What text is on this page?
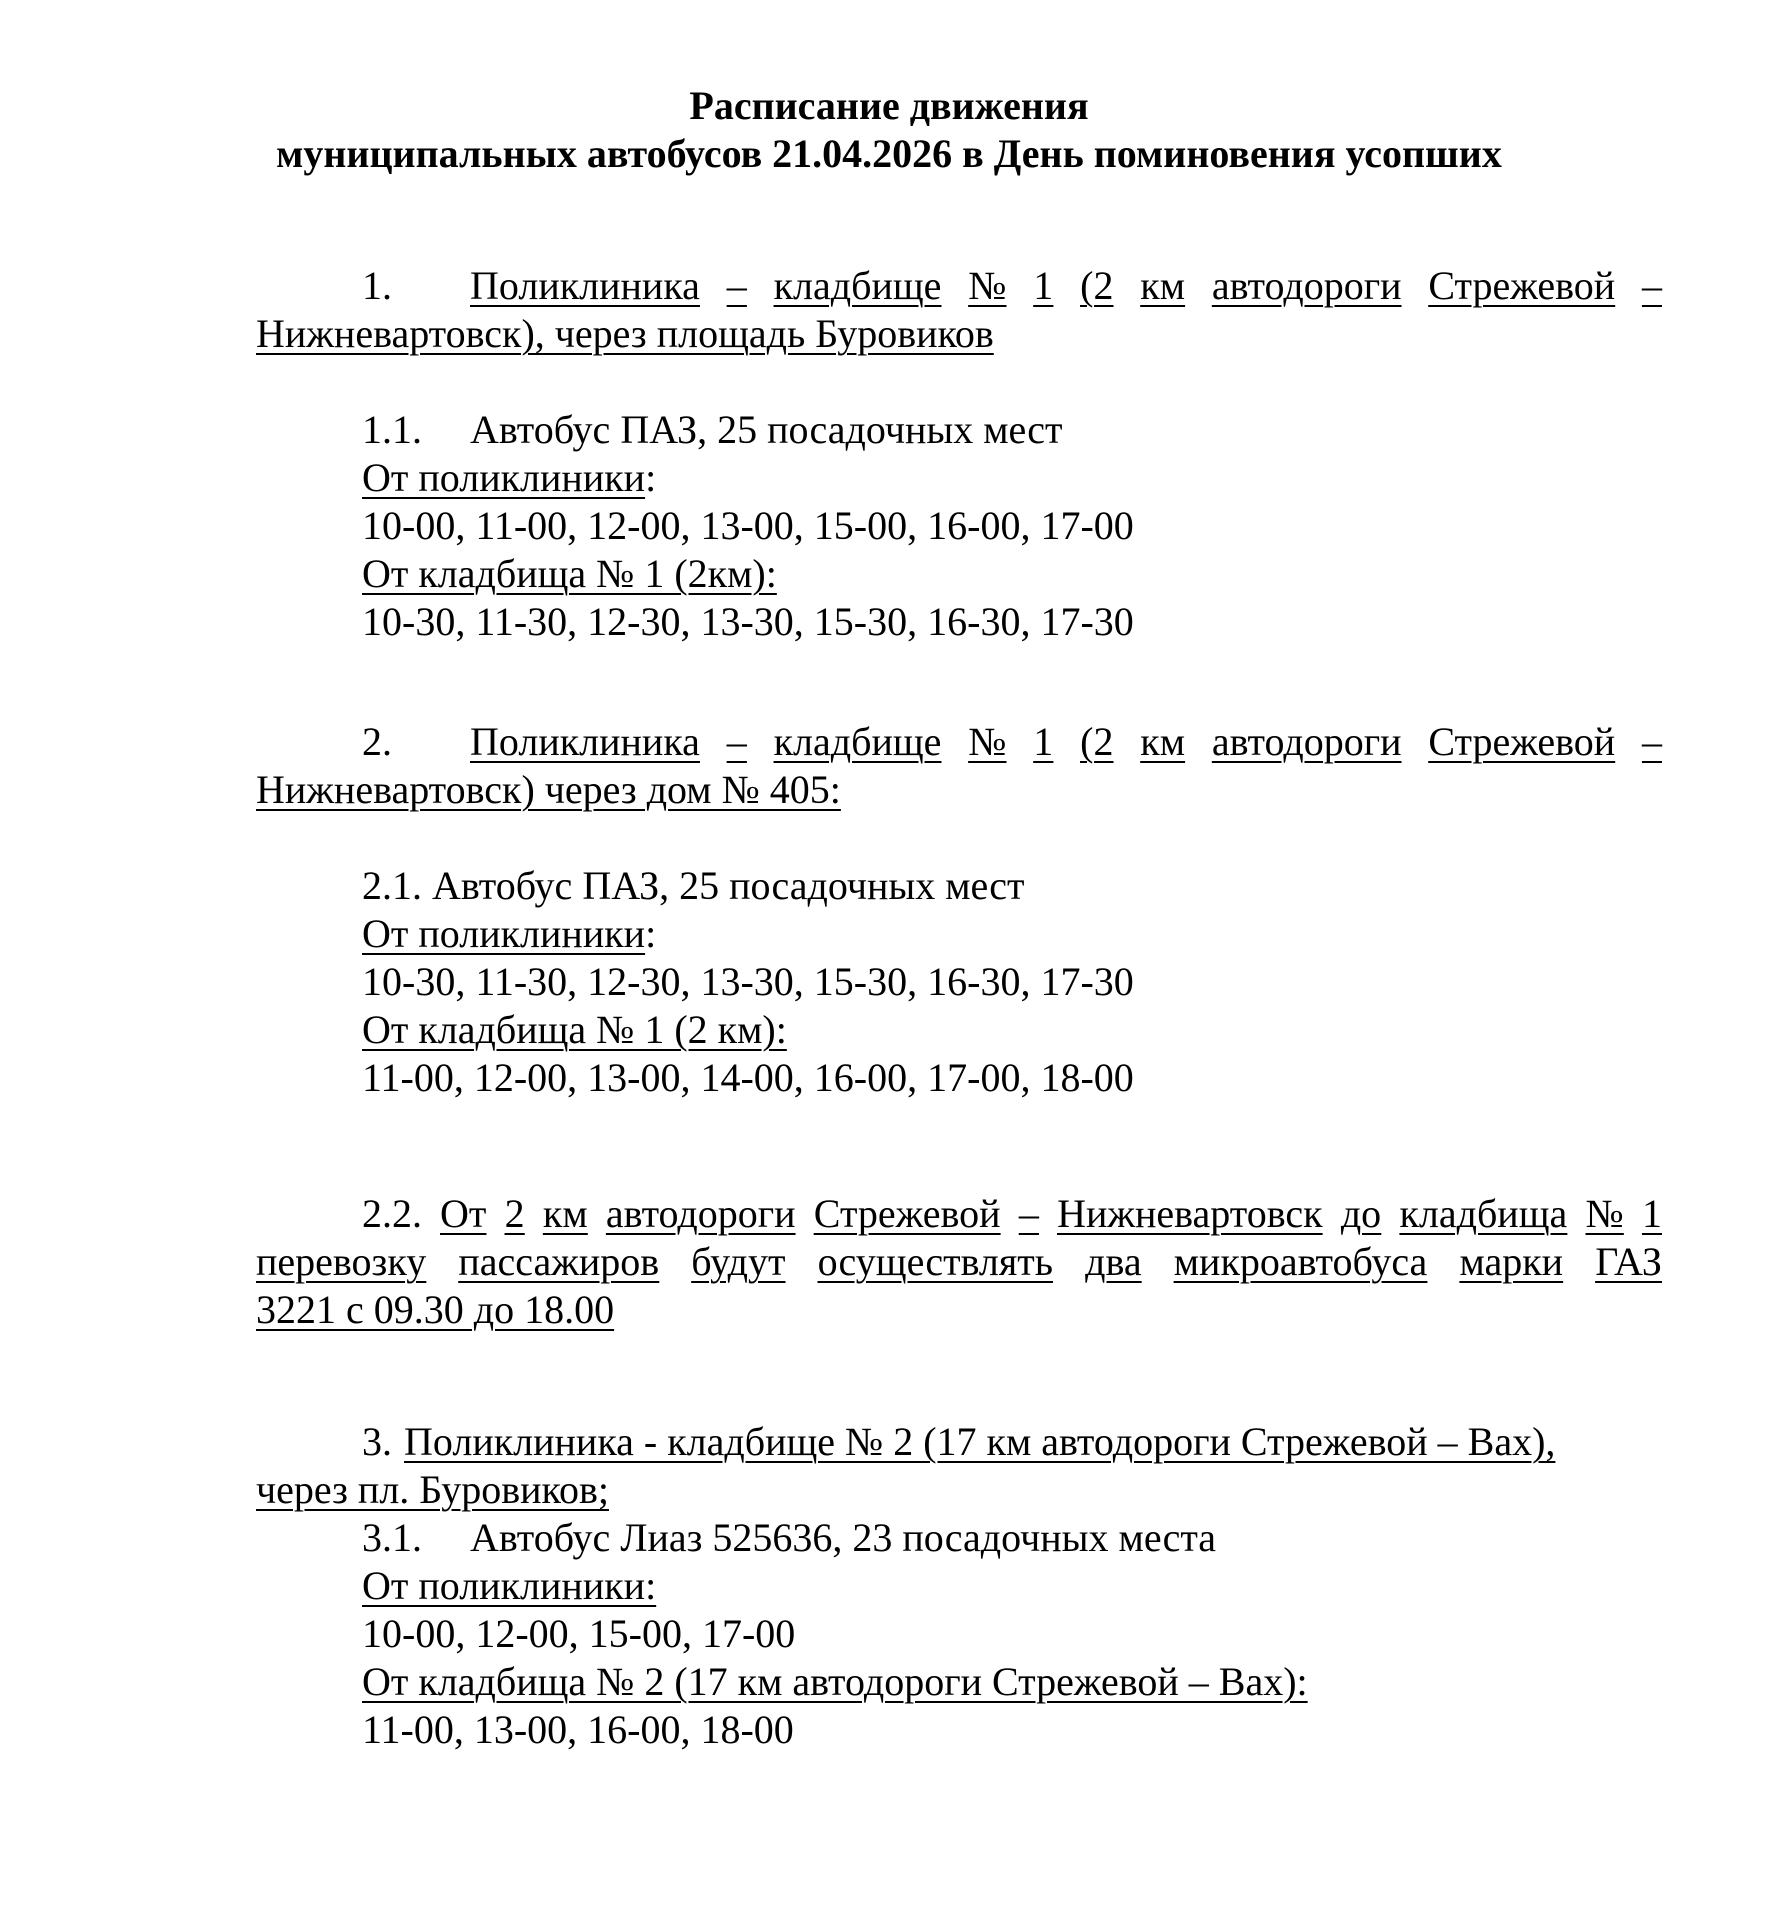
Расписание движения
муниципальных автобусов 21.04.2026 в День поминовения усопших
1. Поликлиника – кладбище № 1 (2 км автодороги Стрежевой –
Нижневартовск), через площадь Буровиков
1.1. Автобус ПАЗ, 25 посадочных мест
От поликлиники:
10-00, 11-00, 12-00, 13-00, 15-00, 16-00, 17-00
От кладбища № 1 (2км):
10-30, 11-30, 12-30, 13-30, 15-30, 16-30, 17-30
2. Поликлиника – кладбище № 1 (2 км автодороги Стрежевой –
Нижневартовск) через дом № 405:
2.1. Автобус ПАЗ, 25 посадочных мест
От поликлиники:
10-30, 11-30, 12-30, 13-30, 15-30, 16-30, 17-30
От кладбища № 1 (2 км):
11-00, 12-00, 13-00, 14-00, 16-00, 17-00, 18-00
2.2. От 2 км автодороги Стрежевой – Нижневартовск до кладбища № 1
перевозку пассажиров будут осуществлять два микроавтобуса марки ГАЗ
3221 с 09.30 до 18.00
3. Поликлиника - кладбище № 2 (17 км автодороги Стрежевой – Вах),
через пл. Буровиков;
3.1. Автобус Лиаз 525636, 23 посадочных места
От поликлиники:
10-00, 12-00, 15-00, 17-00
От кладбища № 2 (17 км автодороги Стрежевой – Вах):
11-00, 13-00, 16-00, 18-00
